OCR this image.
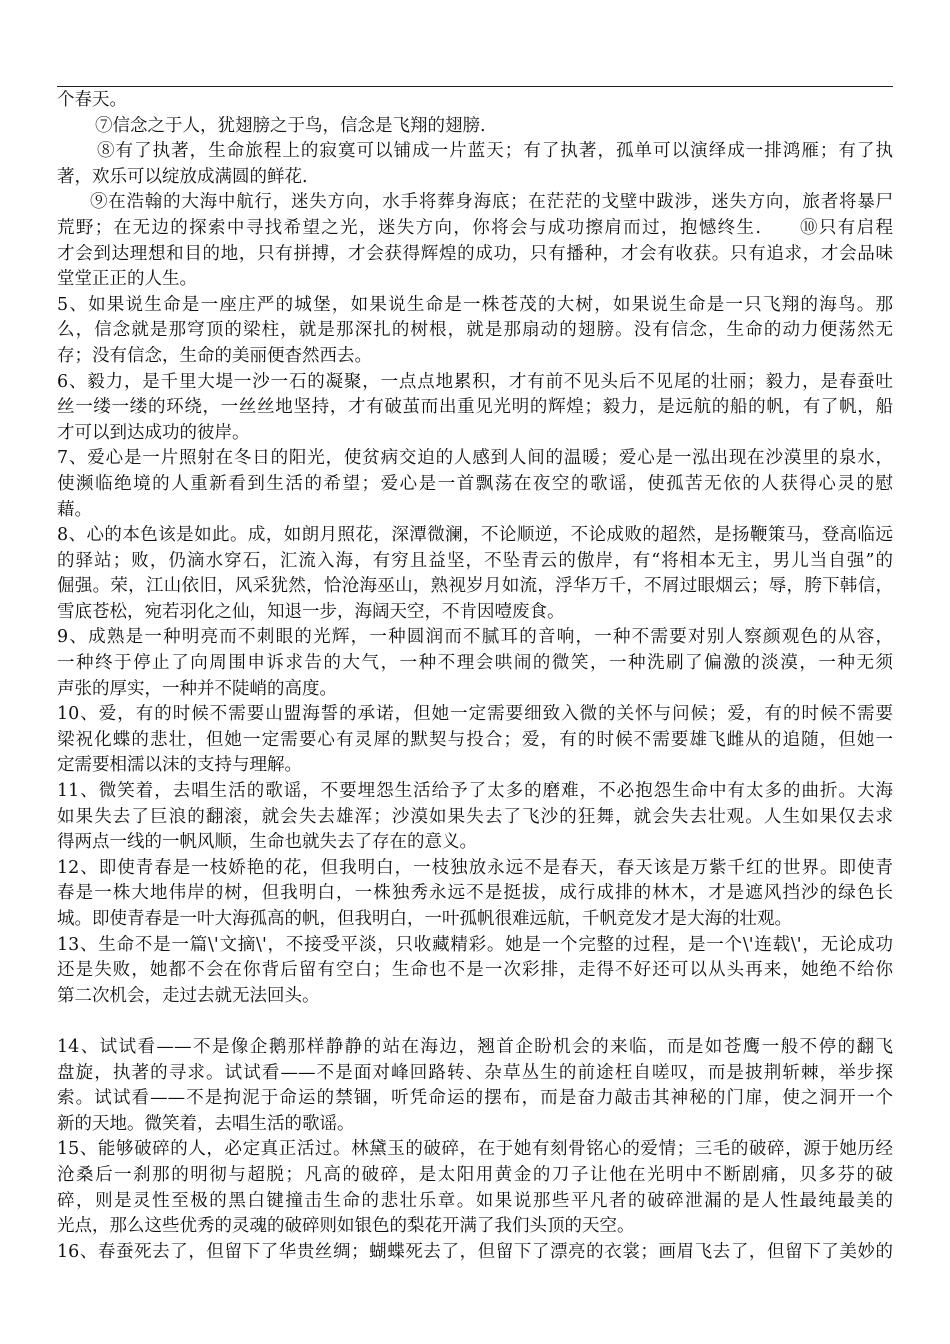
个春天。
⑦信念之于人，犹翅膀之于鸟，信念是飞翔的翅膀.
⑧有了执著，生命旅程上的寂寞可以铺成一片蓝天；有了执著，孤单可以演绎成一排鸿雁；有了执
著，欢乐可以绽放成满圆的鲜花.
⑨在浩翰的大海中航行，迷失方向，水手将葬身海底；在茫茫的戈壁中跋涉，迷失方向，旅者将暴尸
荒野；在无边的探索中寻找希望之光，迷失方向，你将会与成功擦肩而过，抱憾终生.　　⑩只有启程
才会到达理想和目的地，只有拼搏，才会获得辉煌的成功，只有播种，才会有收获。只有追求，才会品味
堂堂正正的人生。
5、如果说生命是一座庄严的城堡，如果说生命是一株苍茂的大树，如果说生命是一只飞翔的海鸟。那
么，信念就是那穹顶的梁柱，就是那深扎的树根，就是那扇动的翅膀。没有信念，生命的动力便荡然无
存；没有信念，生命的美丽便杳然西去。
6、毅力，是千里大堤一沙一石的凝聚，一点点地累积，才有前不见头后不见尾的壮丽；毅力，是春蚕吐
丝一缕一缕的环绕，一丝丝地坚持，才有破茧而出重见光明的辉煌；毅力，是远航的船的帆，有了帆，船
才可以到达成功的彼岸。
7、爱心是一片照射在冬日的阳光，使贫病交迫的人感到人间的温暖；爱心是一泓出现在沙漠里的泉水，
使濒临绝境的人重新看到生活的希望；爱心是一首飘荡在夜空的歌谣，使孤苦无依的人获得心灵的慰
藉。
8、心的本色该是如此。成，如朗月照花，深潭微澜，不论顺逆，不论成败的超然，是扬鞭策马，登高临远
的驿站；败，仍滴水穿石，汇流入海，有穷且益坚，不坠青云的傲岸，有“将相本无主，男儿当自强”的
倔强。荣，江山依旧，风采犹然，恰沧海巫山，熟视岁月如流，浮华万千，不屑过眼烟云；辱，胯下韩信，
雪底苍松，宛若羽化之仙，知退一步，海阔天空，不肯因噎废食。
9、成熟是一种明亮而不刺眼的光辉，一种圆润而不腻耳的音响，一种不需要对别人察颜观色的从容，
一种终于停止了向周围申诉求告的大气，一种不理会哄闹的微笑，一种洗刷了偏激的淡漠，一种无须
声张的厚实，一种并不陡峭的高度。
10、爱，有的时候不需要山盟海誓的承诺，但她一定需要细致入微的关怀与问候；爱，有的时候不需要
梁祝化蝶的悲壮，但她一定需要心有灵犀的默契与投合；爱，有的时候不需要雄飞雌从的追随，但她一
定需要相濡以沫的支持与理解。
11、微笑着，去唱生活的歌谣，不要埋怨生活给予了太多的磨难，不必抱怨生命中有太多的曲折。大海
如果失去了巨浪的翻滚，就会失去雄浑；沙漠如果失去了飞沙的狂舞，就会失去壮观。人生如果仅去求
得两点一线的一帆风顺，生命也就失去了存在的意义。
12、即使青春是一枝娇艳的花，但我明白，一枝独放永远不是春天，春天该是万紫千红的世界。即使青
春是一株大地伟岸的树，但我明白，一株独秀永远不是挺拔，成行成排的林木，才是遮风挡沙的绿色长
城。即使青春是一叶大海孤高的帆，但我明白，一叶孤帆很难远航，千帆竞发才是大海的壮观。
13、生命不是一篇\'文摘\'，不接受平淡，只收藏精彩。她是一个完整的过程，是一个\'连载\'，无论成功
还是失败，她都不会在你背后留有空白；生命也不是一次彩排，走得不好还可以从头再来，她绝不给你
第二次机会，走过去就无法回头。
14、试试看——不是像企鹅那样静静的站在海边，翘首企盼机会的来临，而是如苍鹰一般不停的翻飞
盘旋，执著的寻求。试试看——不是面对峰回路转、杂草丛生的前途枉自嗟叹，而是披荆斩棘，举步探
索。试试看——不是拘泥于命运的禁锢，听凭命运的摆布，而是奋力敲击其神秘的门扉，使之洞开一个
新的天地。微笑着，去唱生活的歌谣。
15、能够破碎的人，必定真正活过。林黛玉的破碎，在于她有刻骨铭心的爱情；三毛的破碎，源于她历经
沧桑后一刹那的明彻与超脱；凡高的破碎，是太阳用黄金的刀子让他在光明中不断剧痛，贝多芬的破
碎，则是灵性至极的黑白键撞击生命的悲壮乐章。如果说那些平凡者的破碎泄漏的是人性最纯最美的
光点，那么这些优秀的灵魂的破碎则如银色的梨花开满了我们头顶的天空。
16、春蚕死去了，但留下了华贵丝绸；蝴蝶死去了，但留下了漂亮的衣裳；画眉飞去了，但留下了美妙的
